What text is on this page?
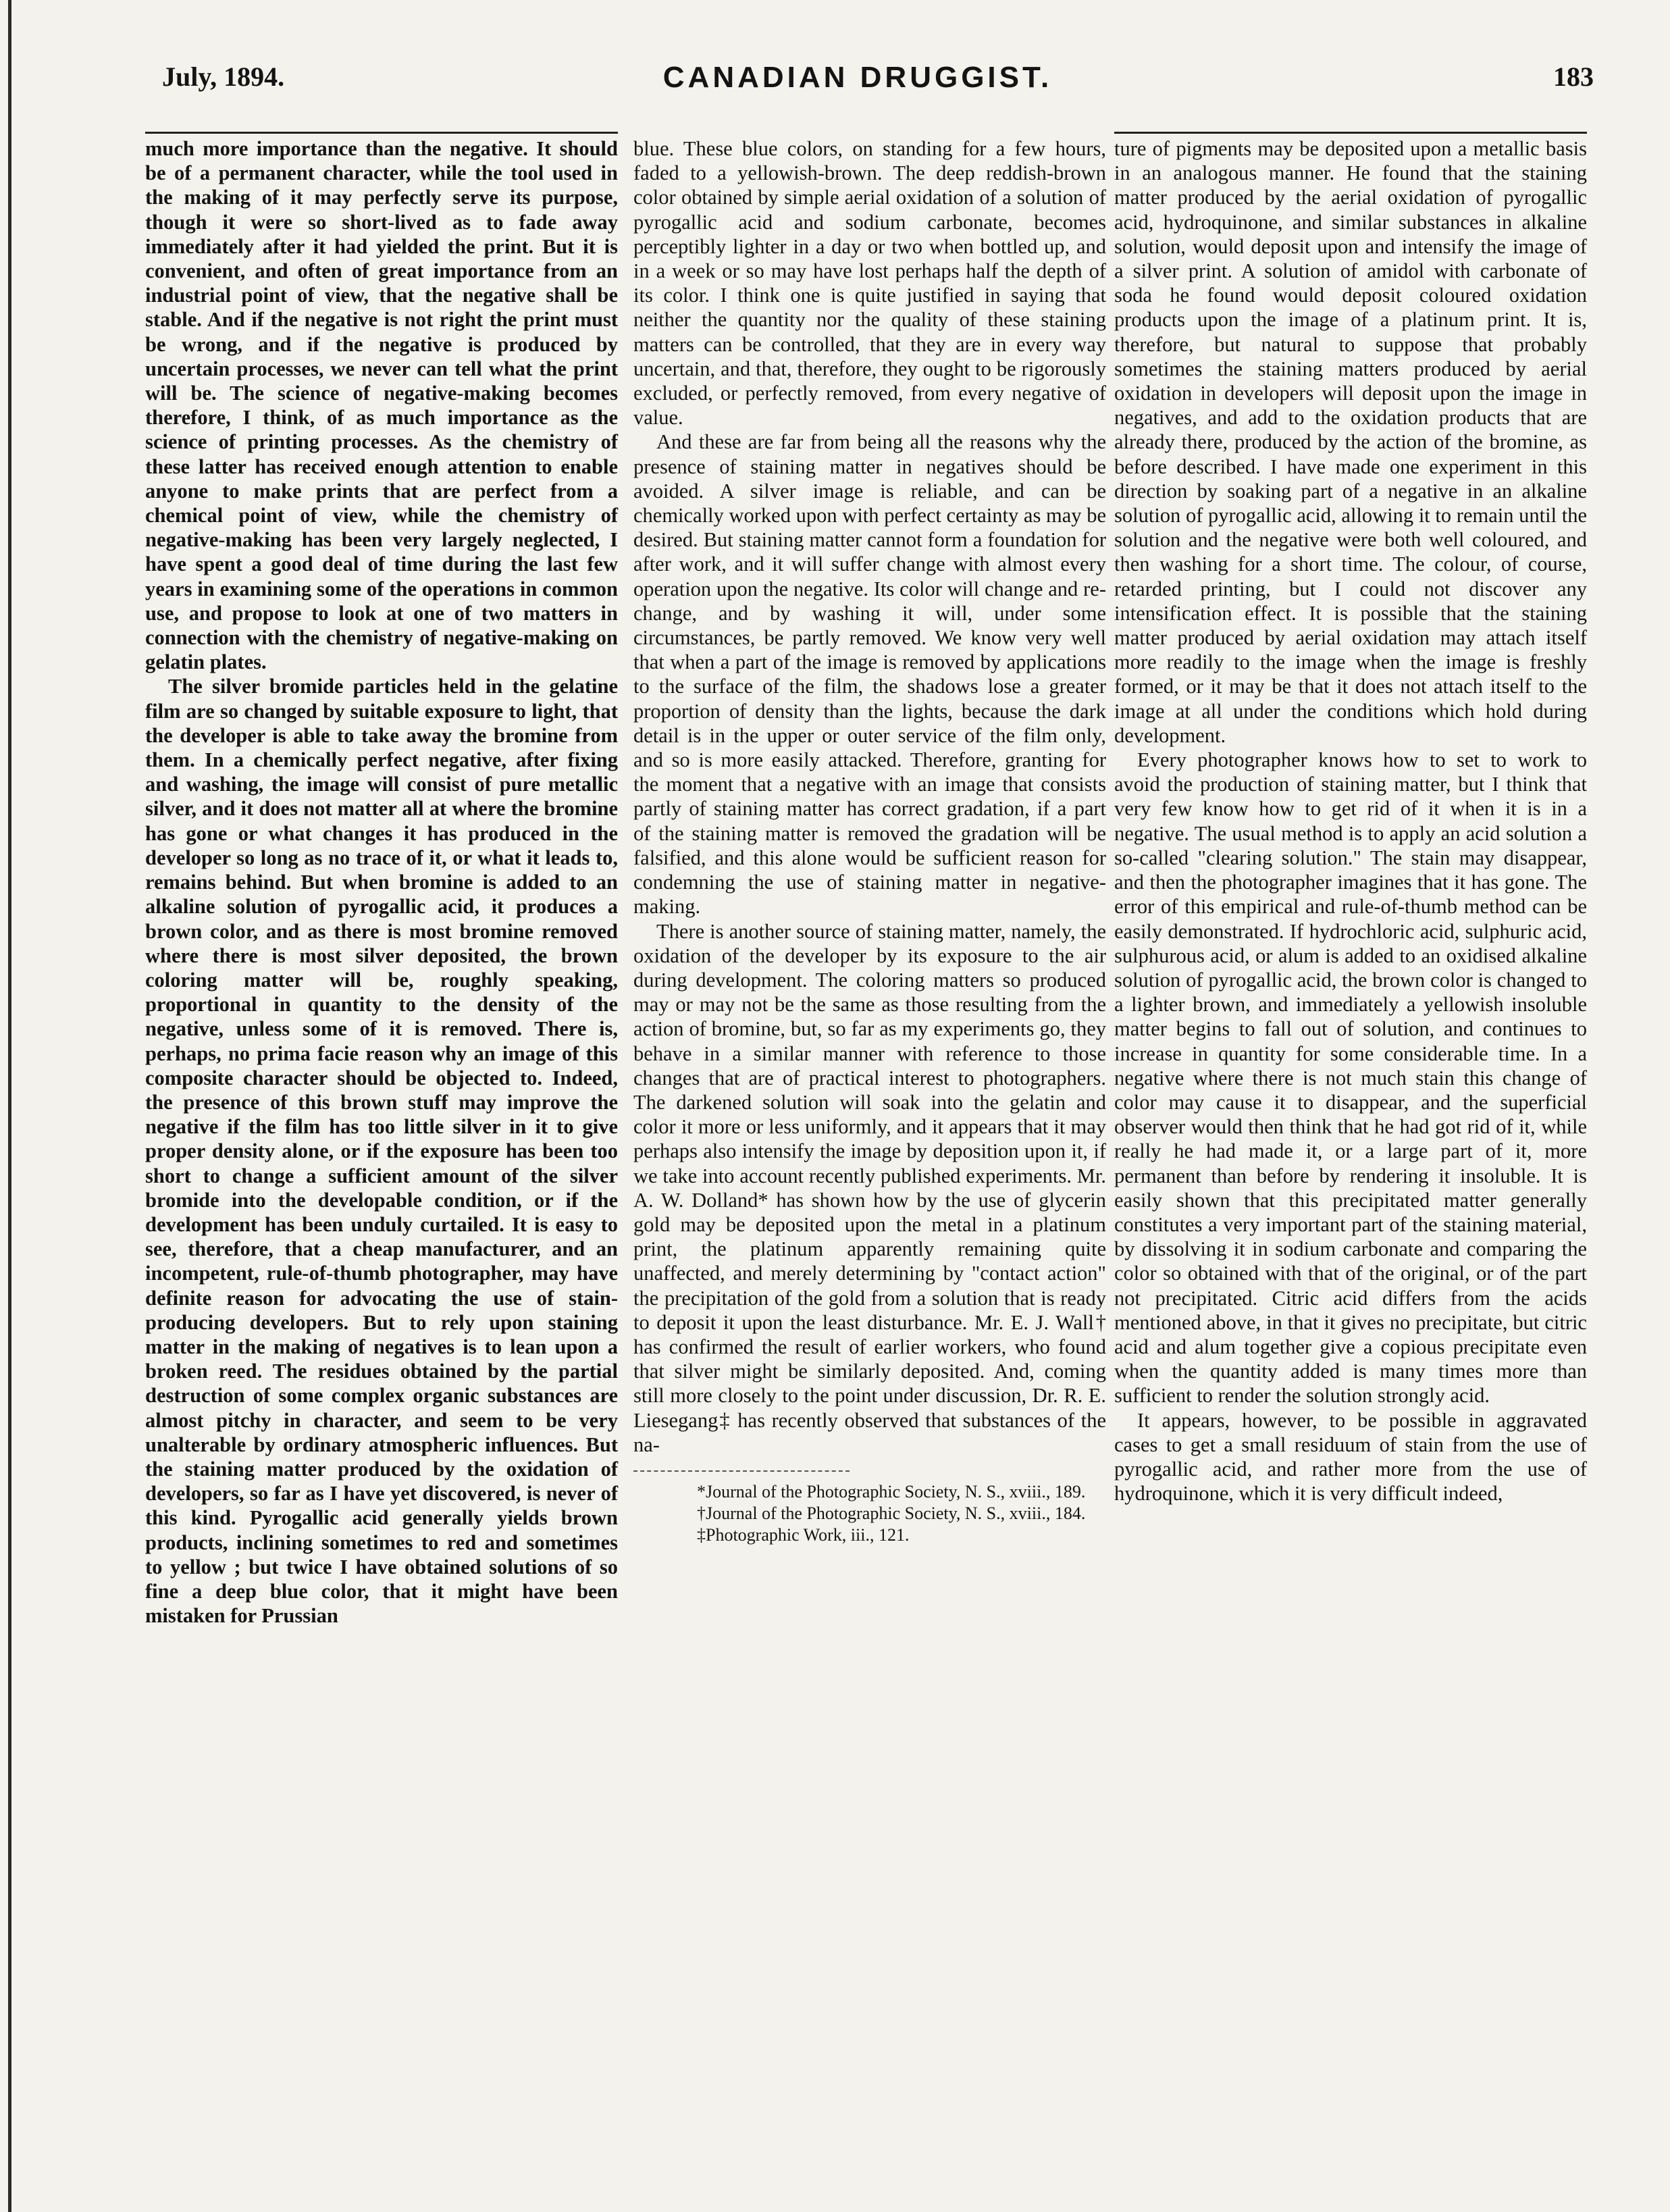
July, 1894.	CANADIAN DRUGGIST.	183

much more importance than the negative. It should be of a permanent character, while the tool used in the making of it may perfectly serve its purpose, though it were so short-lived as to fade away immediately after it had yielded the print. But it is convenient, and often of great importance from an industrial point of view, that the negative shall be stable. And if the negative is not right the print must be wrong, and if the negative is produced by uncertain processes, we never can tell what the print will be. The science of negative-making becomes therefore, I think, of as much importance as the science of printing processes. As the chemistry of these latter has received enough attention to enable anyone to make prints that are perfect from a chemical point of view, while the chemistry of negative-making has been very largely neglected, I have spent a good deal of time during the last few years in examining some of the operations in common use, and propose to look at one of two matters in connection with the chemistry of negative-making on gelatin plates.

The silver bromide particles held in the gelatine film are so changed by suitable exposure to light, that the developer is able to take away the bromine from them. In a chemically perfect negative, after fixing and washing, the image will consist of pure metallic silver, and it does not matter all at where the bromine has gone or what changes it has produced in the developer so long as no trace of it, or what it leads to, remains behind. But when bromine is added to an alkaline solution of pyrogallic acid, it produces a brown color, and as there is most bromine removed where there is most silver deposited, the brown coloring matter will be, roughly speaking, proportional in quantity to the density of the negative, unless some of it is removed. There is, perhaps, no prima facie reason why an image of this composite character should be objected to. Indeed, the presence of this brown stuff may improve the negative if the film has too little silver in it to give proper density alone, or if the exposure has been too short to change a sufficient amount of the silver bromide into the developable condition, or if the development has been unduly curtailed. It is easy to see, therefore, that a cheap manufacturer, and an incompetent, rule-of-thumb photographer, may have definite reason for advocating the use of stain-producing developers. But to rely upon staining matter in the making of negatives is to lean upon a broken reed. The residues obtained by the partial destruction of some complex organic substances are almost pitchy in character, and seem to be very unalterable by ordinary atmospheric influences. But the staining matter produced by the oxidation of developers, so far as I have yet discovered, is never of this kind. Pyrogallic acid generally yields brown products, inclining sometimes to red and sometimes to yellow ; but twice I have obtained solutions of so fine a deep blue color, that it might have been mistaken for Prussian

blue. These blue colors, on standing for a few hours, faded to a yellowish-brown. The deep reddish-brown color obtained by simple aerial oxidation of a solution of pyrogallic acid and sodium carbonate, becomes perceptibly lighter in a day or two when bottled up, and in a week or so may have lost perhaps half the depth of its color. I think one is quite justified in saying that neither the quantity nor the quality of these staining matters can be controlled, that they are in every way uncertain, and that, therefore, they ought to be rigorously excluded, or perfectly removed, from every negative of value.

And these are far from being all the reasons why the presence of staining matter in negatives should be avoided. A silver image is reliable, and can be chemically worked upon with perfect certainty as may be desired. But staining matter cannot form a foundation for after work, and it will suffer change with almost every operation upon the negative. Its color will change and re-change, and by washing it will, under some circumstances, be partly removed. We know very well that when a part of the image is removed by applications to the surface of the film, the shadows lose a greater proportion of density than the lights, because the dark detail is in the upper or outer service of the film only, and so is more easily attacked. Therefore, granting for the moment that a negative with an image that consists partly of staining matter has correct gradation, if a part of the staining matter is removed the gradation will be falsified, and this alone would be sufficient reason for condemning the use of staining matter in negative-making.

There is another source of staining matter, namely, the oxidation of the developer by its exposure to the air during development. The coloring matters so produced may or may not be the same as those resulting from the action of bromine, but, so far as my experiments go, they behave in a similar manner with reference to those changes that are of practical interest to photographers. The darkened solution will soak into the gelatin and color it more or less uniformly, and it appears that it may perhaps also intensify the image by deposition upon it, if we take into account recently published experiments. Mr. A. W. Dolland* has shown how by the use of glycerin gold may be deposited upon the metal in a platinum print, the platinum apparently remaining quite unaffected, and merely determining by "contact action" the precipitation of the gold from a solution that is ready to deposit it upon the least disturbance. Mr. E. J. Wall† has confirmed the result of earlier workers, who found that silver might be similarly deposited. And, coming still more closely to the point under discussion, Dr. R. E. Liesegang‡ has recently observed that substances of the na-

*Journal of the Photographic Society, N. S., xviii., 189.

†Journal of the Photographic Society, N. S., xviii., 184.

‡Photographic Work, iii., 121.

ture of pigments may be deposited upon a metallic basis in an analogous manner. He found that the staining matter produced by the aerial oxidation of pyrogallic acid, hydroquinone, and similar substances in alkaline solution, would deposit upon and intensify the image of a silver print. A solution of amidol with carbonate of soda he found would deposit coloured oxidation products upon the image of a platinum print. It is, therefore, but natural to suppose that probably sometimes the staining matters produced by aerial oxidation in developers will deposit upon the image in negatives, and add to the oxidation products that are already there, produced by the action of the bromine, as before described. I have made one experiment in this direction by soaking part of a negative in an alkaline solution of pyrogallic acid, allowing it to remain until the solution and the negative were both well coloured, and then washing for a short time. The colour, of course, retarded printing, but I could not discover any intensification effect. It is possible that the staining matter produced by aerial oxidation may attach itself more readily to the image when the image is freshly formed, or it may be that it does not attach itself to the image at all under the conditions which hold during development.

Every photographer knows how to set to work to avoid the production of staining matter, but I think that very few know how to get rid of it when it is in a negative. The usual method is to apply an acid solution a so-called "clearing solution." The stain may disappear, and then the photographer imagines that it has gone. The error of this empirical and rule-of-thumb method can be easily demonstrated. If hydrochloric acid, sulphuric acid, sulphurous acid, or alum is added to an oxidised alkaline solution of pyrogallic acid, the brown color is changed to a lighter brown, and immediately a yellowish insoluble matter begins to fall out of solution, and continues to increase in quantity for some considerable time. In a negative where there is not much stain this change of color may cause it to disappear, and the superficial observer would then think that he had got rid of it, while really he had made it, or a large part of it, more permanent than before by rendering it insoluble. It is easily shown that this precipitated matter generally constitutes a very important part of the staining material, by dissolving it in sodium carbonate and comparing the color so obtained with that of the original, or of the part not precipitated. Citric acid differs from the acids mentioned above, in that it gives no precipitate, but citric acid and alum together give a copious precipitate even when the quantity added is many times more than sufficient to render the solution strongly acid.

It appears, however, to be possible in aggravated cases to get a small residuum of stain from the use of pyrogallic acid, and rather more from the use of hydroquinone, which it is very difficult indeed,
